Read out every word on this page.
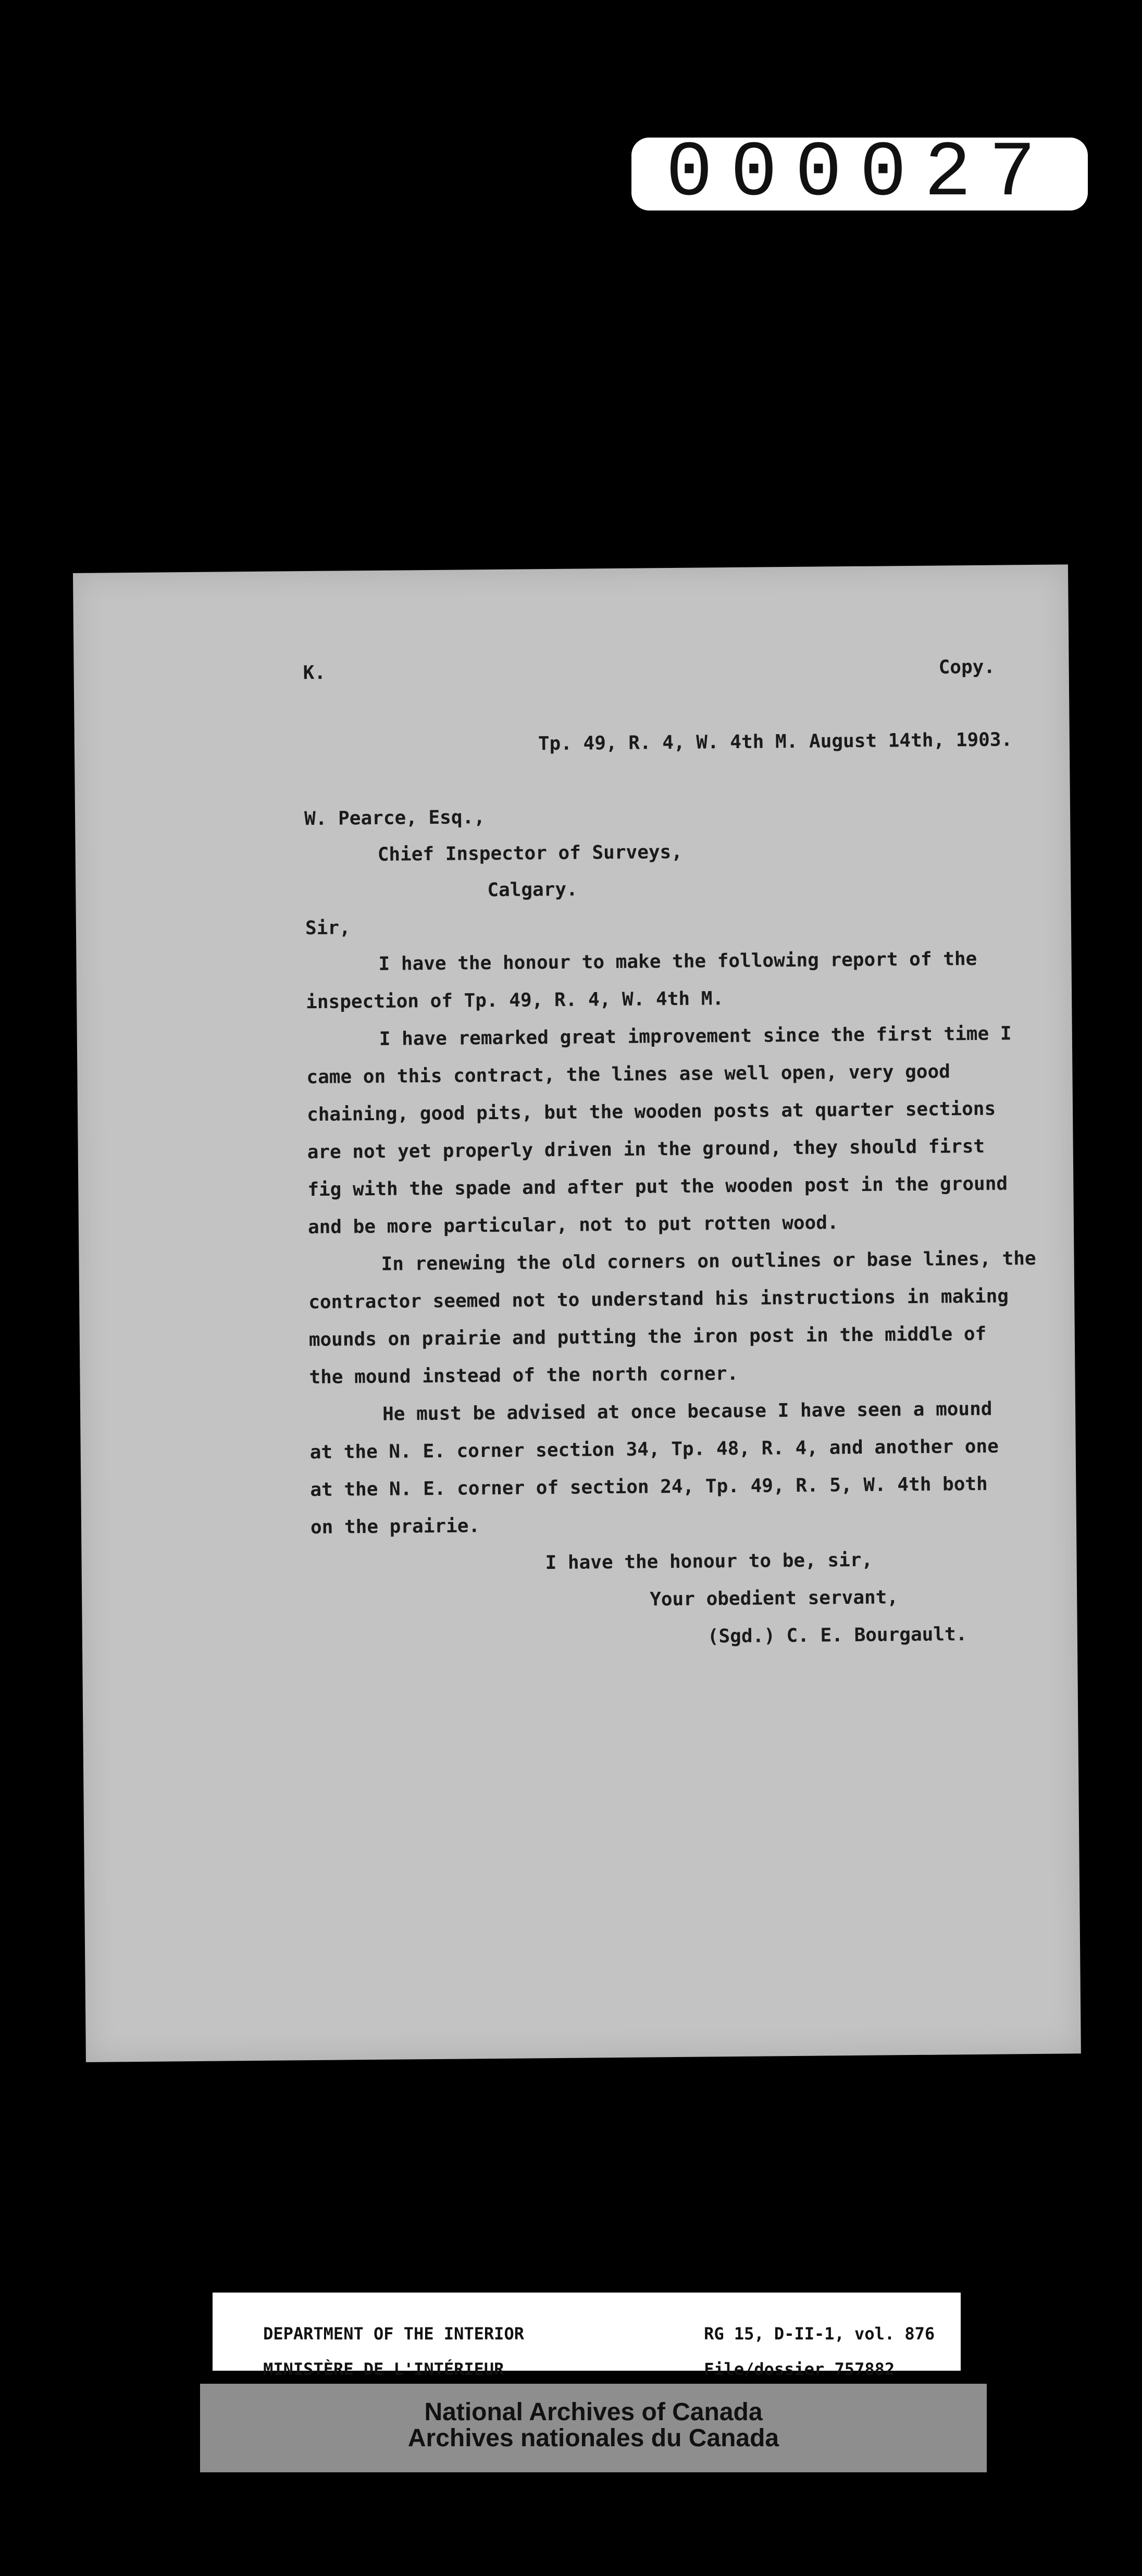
000027
K.	Copy.
Tp. 49, R. 4, W. 4th M. August 14th, 1903.
W. Pearce, Esq.,
Chief Inspector of Surveys,
Calgary.
Sir,
I have the honour to make the following report of the
inspection of Tp. 49, R. 4, W. 4th M.
I have remarked great improvement since the first time I
came on this contract, the lines ase well open, very good
chaining, good pits, but the wooden posts at quarter sections
are not yet properly driven in the ground, they should first
fig with the spade and after put the wooden post in the ground
and be more particular, not to put rotten wood.
In renewing the old corners on outlines or base lines, the
contractor seemed not to understand his instructions in making
mounds on prairie and putting the iron post in the middle of
the mound instead of the north corner.
He must be advised at once because I have seen a mound
at the N. E. corner section 34, Tp. 48, R. 4, and another one
at the N. E. corner of section 24, Tp. 49, R. 5, W. 4th both
on the prairie.
I have the honour to be, sir,
Your obedient servant,
(Sgd.) C. E. Bourgault.

DEPARTMENT OF THE INTERIOR

MINISTÈRE DE L'INTÉRIEUR

RG 15, D-II-1, vol. 876

File/dossier 757882

National Archives of Canada
Archives nationales du Canada
